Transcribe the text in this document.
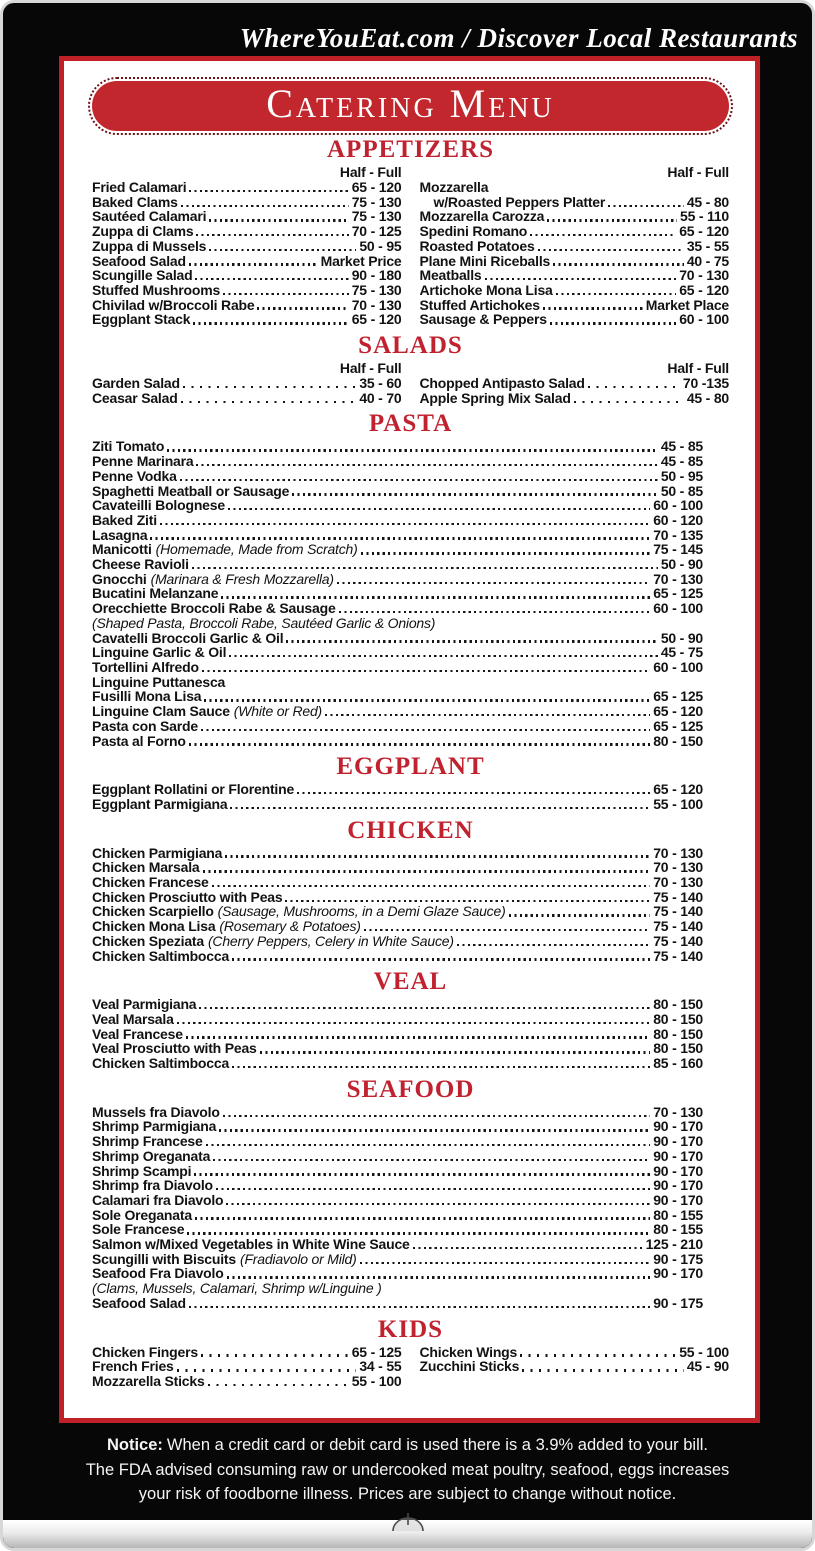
WhereYouEat.com / Discover Local Restaurants
Catering Menu
APPETIZERS
Half - Full
Fried Calamari	65 - 120
Baked Clams	75 - 130
Sautéed Calamari	75 - 130
Zuppa di Clams	70 - 125
Zuppa di Mussels	50 - 95
Seafood Salad	Market Price
Scungille Salad	90 - 180
Stuffed Mushrooms	75 - 130
Chivilad w/Broccoli Rabe	70 - 130
Eggplant Stack	65 - 120
Half - Full
Mozzarella
w/Roasted Peppers Platter	45 - 80
Mozzarella Carozza	55 - 110
Spedini Romano	65 - 120
Roasted Potatoes	35 - 55
Plane Mini Riceballs	40 - 75
Meatballs	70 - 130
Artichoke Mona Lisa	65 - 120
Stuffed Artichokes	Market Place
Sausage & Peppers	60 - 100
SALADS
Half - Full
Garden Salad	35 - 60
Ceasar Salad	40 - 70
Half - Full
Chopped Antipasto Salad	70 -135
Apple Spring Mix Salad	45 - 80
PASTA
Ziti Tomato	45 - 85
Penne Marinara	45 - 85
Penne Vodka	50 - 95
Spaghetti Meatball or Sausage	50 - 85
Cavateilli Bolognese	60 - 100
Baked Ziti	60 - 120
Lasagna	70 - 135
Manicotti (Homemade, Made from Scratch)	75 - 145
Cheese Ravioli	50 - 90
Gnocchi (Marinara & Fresh Mozzarella)	70 - 130
Bucatini Melanzane	65 - 125
Orecchiette Broccoli Rabe & Sausage	60 - 100
(Shaped Pasta, Broccoli Rabe, Sautéed Garlic & Onions)
Cavatelli Broccoli Garlic & Oil	50 - 90
Linguine Garlic & Oil	45 - 75
Tortellini Alfredo	60 - 100
Linguine Puttanesca
Fusilli Mona Lisa	65 - 125
Linguine Clam Sauce (White or Red)	65 - 120
Pasta con Sarde	65 - 125
Pasta al Forno	80 - 150
EGGPLANT
Eggplant Rollatini or Florentine	65 - 120
Eggplant Parmigiana	55 - 100
CHICKEN
Chicken Parmigiana	70 - 130
Chicken Marsala	70 - 130
Chicken Francese	70 - 130
Chicken Prosciutto with Peas	75 - 140
Chicken Scarpiello (Sausage, Mushrooms, in a Demi Glaze Sauce)	75 - 140
Chicken Mona Lisa (Rosemary & Potatoes)	75 - 140
Chicken Speziata (Cherry Peppers, Celery in White Sauce)	75 - 140
Chicken Saltimbocca	75 - 140
VEAL
Veal Parmigiana	80 - 150
Veal Marsala	80 - 150
Veal Francese	80 - 150
Veal Prosciutto with Peas	80 - 150
Chicken Saltimbocca	85 - 160
SEAFOOD
Mussels fra Diavolo	70 - 130
Shrimp Parmigiana	90 - 170
Shrimp Francese	90 - 170
Shrimp Oreganata	90 - 170
Shrimp Scampi	90 - 170
Shrimp fra Diavolo	90 - 170
Calamari fra Diavolo	90 - 170
Sole Oreganata	80 - 155
Sole Francese	80 - 155
Salmon w/Mixed Vegetables in White Wine Sauce	125 - 210
Scungilli with Biscuits (Fradiavolo or Mild)	90 - 175
Seafood Fra Diavolo	90 - 170
(Clams, Mussels, Calamari, Shrimp w/Linguine )
Seafood Salad	90 - 175
KIDS
Chicken Fingers	65 - 125
French Fries	34 - 55
Mozzarella Sticks	55 - 100
Chicken Wings	55 - 100
Zucchini Sticks	45 - 90
Notice: When a credit card or debit card is used there is a 3.9% added to your bill.
The FDA advised consuming raw or undercooked meat poultry, seafood, eggs increases
your risk of foodborne illness. Prices are subject to change without notice.
